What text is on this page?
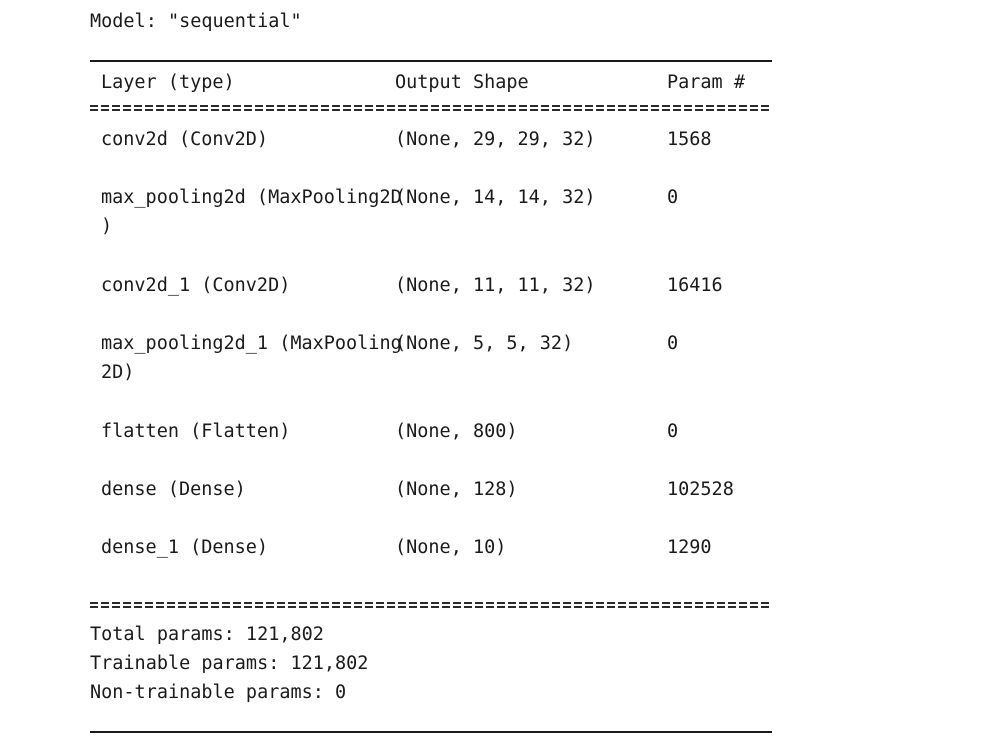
Model: "sequential"
Layer (type)	Output Shape	Param #
conv2d (Conv2D)	(None, 29, 29, 32)	1568
max_pooling2d (MaxPooling2D
)
(None, 14, 14, 32)	0
conv2d_1 (Conv2D)	(None, 11, 11, 32)	16416
max_pooling2d_1 (MaxPooling
2D)
(None, 5, 5, 32)	0
flatten (Flatten)	(None, 800)	0
dense (Dense)	(None, 128)	102528
dense_1 (Dense)	(None, 10)	1290
Total params: 121,802
Trainable params: 121,802
Non-trainable params: 0
